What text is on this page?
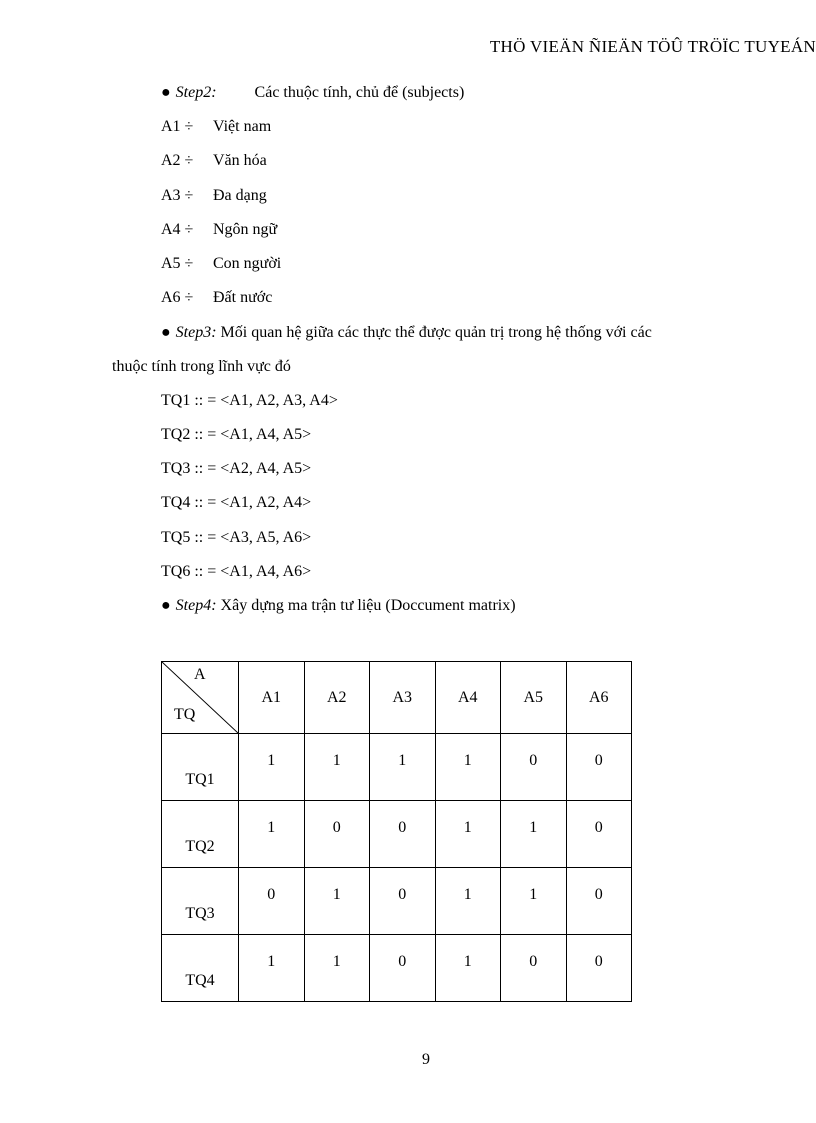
THÖ VIEÄN ÑIEÄN TÖÛ TRÖÏC TUYEÁN
● Step2: Các thuộc tính, chủ để (subjects)
A1 ÷ Việt nam
A2 ÷ Văn hóa
A3 ÷ Đa dạng
A4 ÷ Ngôn ngữ
A5 ÷ Con người
A6 ÷ Đất nước
● Step3: Mối quan hệ giữa các thực thể được quản trị trong hệ thống với các
thuộc tính trong lĩnh vực đó
TQ1 :: = <A1, A2, A3, A4>
TQ2 :: = <A1, A4, A5>
TQ3 :: = <A2, A4, A5>
TQ4 :: = <A1, A2, A4>
TQ5 :: = <A3, A5, A6>
TQ6 :: = <A1, A4, A6>
● Step4: Xây dựng ma trận tư liệu (Doccument matrix)
A
TQ	A1	A2	A3	A4	A5	A6

TQ1	1	1	1	1	0	0

TQ2	1	0	0	1	1	0

TQ3	0	1	0	1	1	0

TQ4	1	1	0	1	0	0
9
